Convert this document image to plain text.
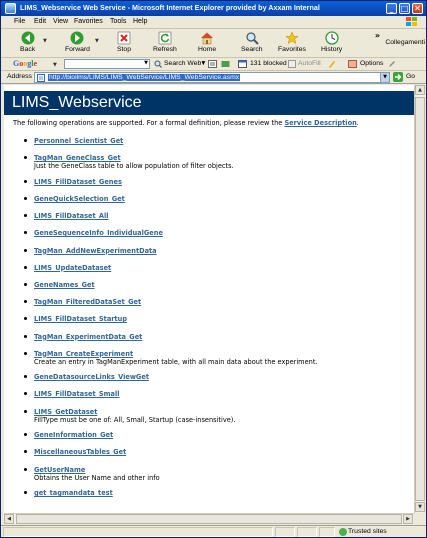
LIMS_Webservice Web Service - Microsoft Internet Explorer provided by Axxam Internal	_ □ ✕
File Edit View Favorites Tools Help
Back
▼
Forward
▼
Stop	Refresh	Home	Search Favorites History
»
Collegamenti
Google	▼	▼ Search Web
▼	131 blocked AutoFill	Options
Address	http://bioilms/LIMS/LIMS_WebService/LIMS_WebService.asmx	▼	Go
LIMS_Webservice
The following operations are supported. For a formal definition, please review the Service Description.
Personnel_Scientist_Get
TagMan_GeneClass_Get
Just the GeneClass table to allow population of filter objects.
LIMS_FillDataset_Genes
GeneQuickSelection_Get
LIMS_FillDataset_All
GeneSequenceInfo_IndividualGene
TagMan_AddNewExperimentData
LIMS_UpdateDataset
GeneNames_Get
TagMan_FilteredDataSet_Get
LIMS_FillDataset_Startup
TagMan_ExperimentData_Get
TagMan_CreateExperiment
Create an entry in TagManExperiment table, with all main data about the experiment.
GeneDatasourceLinks_ViewGet
LIMS_FillDataset_Small
LIMS_GetDataset
FillType must be one of: All, Small, Startup (case-insensitive).
GeneInformation_Get
MiscellaneousTables_Get
GetUserName
Obtains the User Name and other info
get_tagmandata_test
▲
▼
◀	▶
Trusted sites
